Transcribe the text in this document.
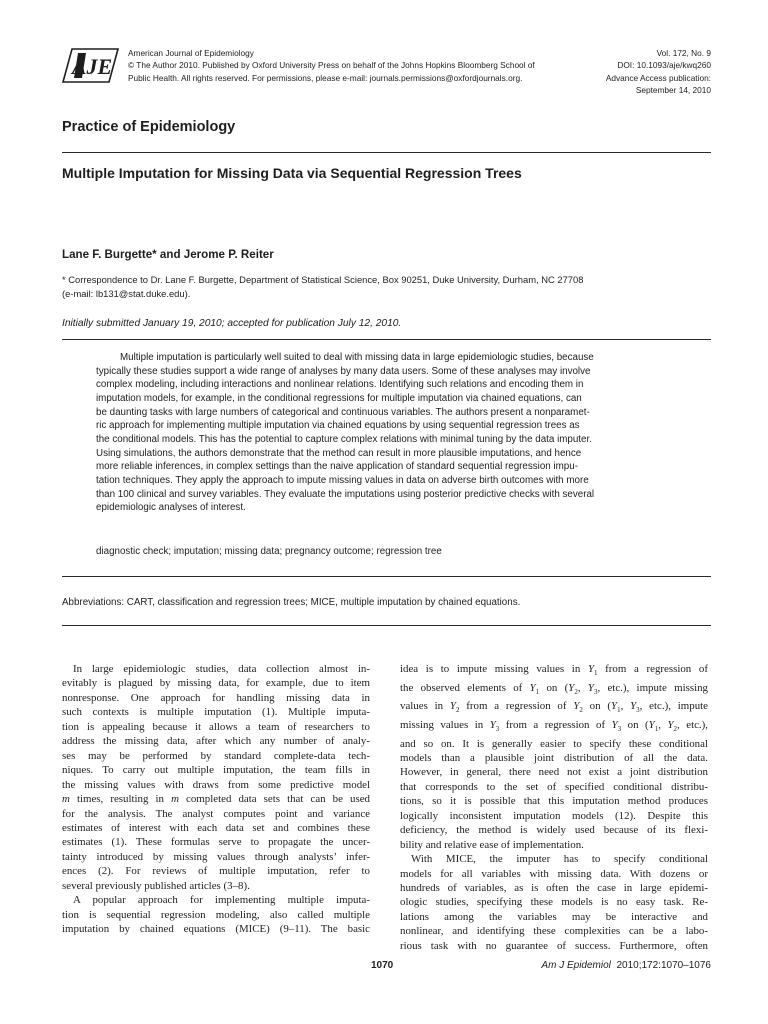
AJE
American Journal of Epidemiology
© The Author 2010. Published by Oxford University Press on behalf of the Johns Hopkins Bloomberg School of
Public Health. All rights reserved. For permissions, please e-mail: journals.permissions@oxfordjournals.org.
Vol. 172, No. 9
DOI: 10.1093/aje/kwq260
Advance Access publication:
September 14, 2010
Practice of Epidemiology
Multiple Imputation for Missing Data via Sequential Regression Trees
Lane F. Burgette* and Jerome P. Reiter
* Correspondence to Dr. Lane F. Burgette, Department of Statistical Science, Box 90251, Duke University, Durham, NC 27708
(e-mail: lb131@stat.duke.edu).
Initially submitted January 19, 2010; accepted for publication July 12, 2010.
Multiple imputation is particularly well suited to deal with missing data in large epidemiologic studies, because
typically these studies support a wide range of analyses by many data users. Some of these analyses may involve
complex modeling, including interactions and nonlinear relations. Identifying such relations and encoding them in
imputation models, for example, in the conditional regressions for multiple imputation via chained equations, can
be daunting tasks with large numbers of categorical and continuous variables. The authors present a nonparamet-
ric approach for implementing multiple imputation via chained equations by using sequential regression trees as
the conditional models. This has the potential to capture complex relations with minimal tuning by the data imputer.
Using simulations, the authors demonstrate that the method can result in more plausible imputations, and hence
more reliable inferences, in complex settings than the naive application of standard sequential regression impu-
tation techniques. They apply the approach to impute missing values in data on adverse birth outcomes with more
than 100 clinical and survey variables. They evaluate the imputations using posterior predictive checks with several
epidemiologic analyses of interest.
diagnostic check; imputation; missing data; pregnancy outcome; regression tree
Abbreviations: CART, classification and regression trees; MICE, multiple imputation by chained equations.
In large epidemiologic studies, data collection almost in-
evitably is plagued by missing data, for example, due to item
nonresponse. One approach for handling missing data in
such contexts is multiple imputation (1). Multiple imputa-
tion is appealing because it allows a team of researchers to
address the missing data, after which any number of analy-
ses may be performed by standard complete-data tech-
niques. To carry out multiple imputation, the team fills in
the missing values with draws from some predictive model
m times, resulting in m completed data sets that can be used
for the analysis. The analyst computes point and variance
estimates of interest with each data set and combines these
estimates (1). These formulas serve to propagate the uncer-
tainty introduced by missing values through analysts’ infer-
ences (2). For reviews of multiple imputation, refer to
several previously published articles (3–8).
A popular approach for implementing multiple imputa-
tion is sequential regression modeling, also called multiple
imputation by chained equations (MICE) (9–11). The basic
idea is to impute missing values in $Y_1$ from a regression of
the observed elements of $Y_1$ on ($Y_2$, $Y_3$, etc.), impute missing
values in $Y_2$ from a regression of $Y_2$ on ($Y_1$, $Y_3$, etc.), impute
missing values in $Y_3$ from a regression of $Y_3$ on ($Y_1$, $Y_2$, etc.),
and so on. It is generally easier to specify these conditional
models than a plausible joint distribution of all the data.
However, in general, there need not exist a joint distribution
that corresponds to the set of specified conditional distribu-
tions, so it is possible that this imputation method produces
logically inconsistent imputation models (12). Despite this
deficiency, the method is widely used because of its flexi-
bility and relative ease of implementation.
With MICE, the imputer has to specify conditional
models for all variables with missing data. With dozens or
hundreds of variables, as is often the case in large epidemi-
ologic studies, specifying these models is no easy task. Re-
lations among the variables may be interactive and
nonlinear, and identifying these complexities can be a labo-
rious task with no guarantee of success. Furthermore, often
1070	Am J Epidemiol 2010;172:1070–1076
